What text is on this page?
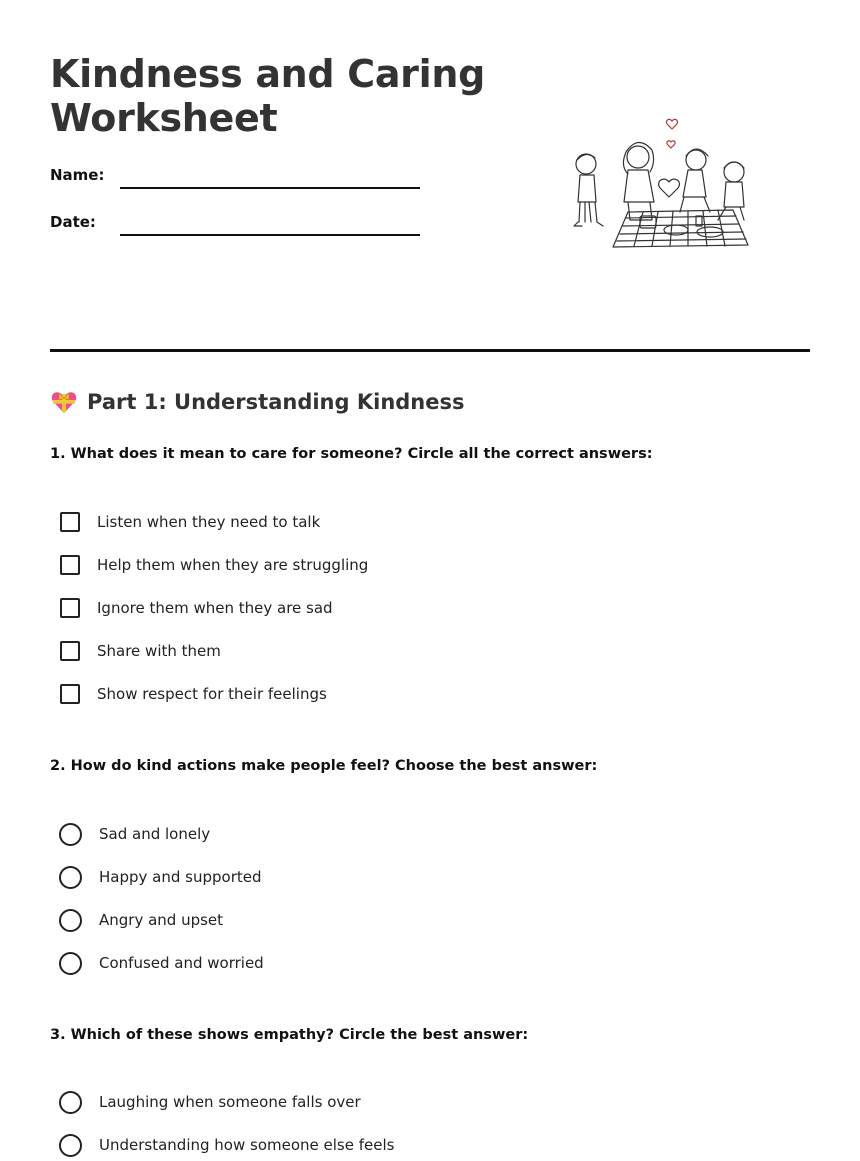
Kindness and Caring Worksheet
Name:
Date:
Part 1: Understanding Kindness

1. What does it mean to care for someone? Circle all the correct answers:

Listen when they need to talk
Help them when they are struggling
Ignore them when they are sad
Share with them
Show respect for their feelings

2. How do kind actions make people feel? Choose the best answer:

Sad and lonely
Happy and supported
Angry and upset
Confused and worried

3. Which of these shows empathy? Circle the best answer:

Laughing when someone falls over
Understanding how someone else feels
